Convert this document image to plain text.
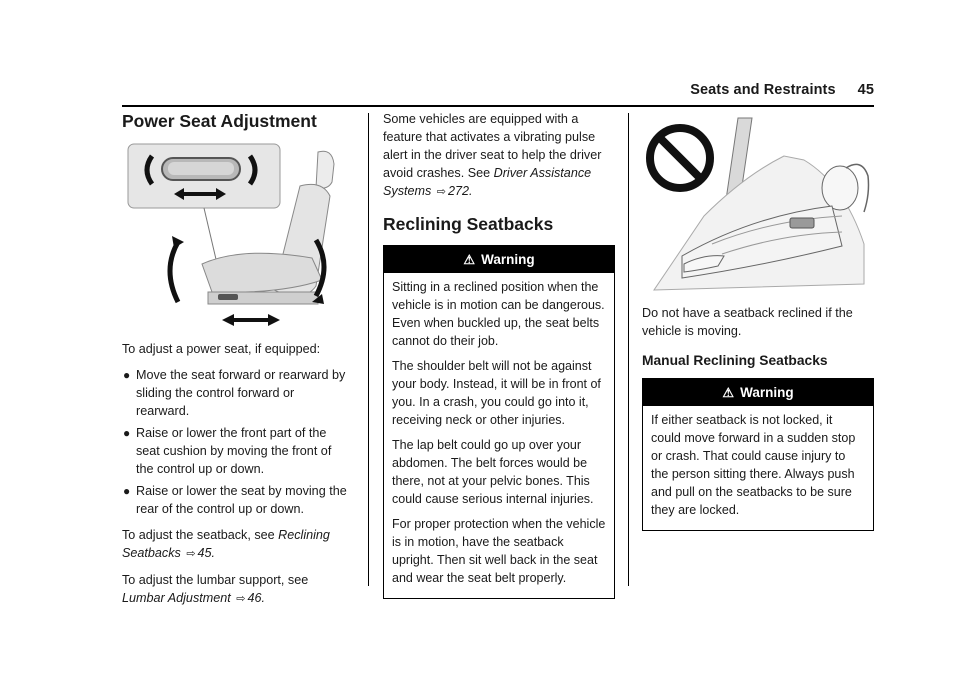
Seats and Restraints 45
Power Seat Adjustment

To adjust a power seat, if equipped:

● Move the seat forward or rearward by sliding the control forward or rearward.
● Raise or lower the front part of the seat cushion by moving the front of the control up or down.
● Raise or lower the seat by moving the rear of the control up or down.

To adjust the seatback, see Reclining Seatbacks ⇨ 45.

To adjust the lumbar support, see Lumbar Adjustment ⇨ 46.

Some vehicles are equipped with a feature that activates a vibrating pulse alert in the driver seat to help the driver avoid crashes. See Driver Assistance Systems ⇨ 272.

Reclining Seatbacks
⚠ Warning

Sitting in a reclined position when the vehicle is in motion can be dangerous. Even when buckled up, the seat belts cannot do their job.

The shoulder belt will not be against your body. Instead, it will be in front of you. In a crash, you could go into it, receiving neck or other injuries.

The lap belt could go up over your abdomen. The belt forces would be there, not at your pelvic bones. This could cause serious internal injuries.

For proper protection when the vehicle is in motion, have the seatback upright. Then sit well back in the seat and wear the seat belt properly.

Do not have a seatback reclined if the vehicle is moving.

Manual Reclining Seatbacks
⚠ Warning

If either seatback is not locked, it could move forward in a sudden stop or crash. That could cause injury to the person sitting there. Always push and pull on the seatbacks to be sure they are locked.
